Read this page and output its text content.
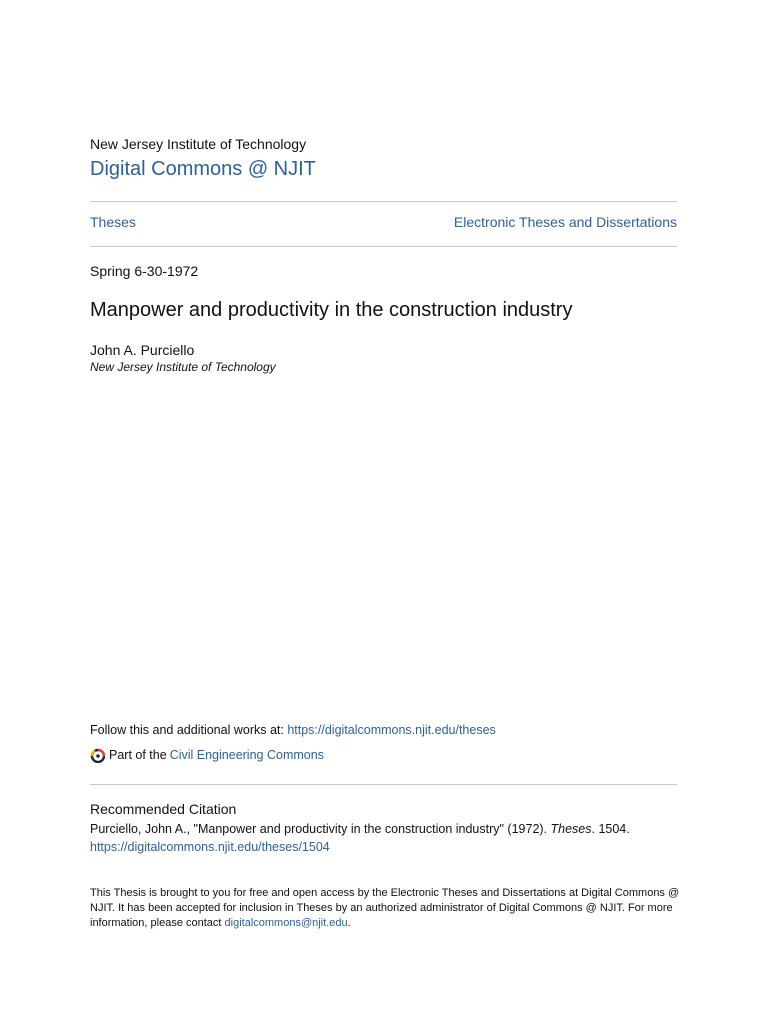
New Jersey Institute of Technology
Digital Commons @ NJIT
Theses	Electronic Theses and Dissertations
Spring 6-30-1972
Manpower and productivity in the construction industry
John A. Purciello
New Jersey Institute of Technology
Follow this and additional works at: https://digitalcommons.njit.edu/theses
Part of the Civil Engineering Commons
Recommended Citation
Purciello, John A., "Manpower and productivity in the construction industry" (1972). Theses. 1504.
https://digitalcommons.njit.edu/theses/1504
This Thesis is brought to you for free and open access by the Electronic Theses and Dissertations at Digital Commons @ NJIT. It has been accepted for inclusion in Theses by an authorized administrator of Digital Commons @ NJIT. For more information, please contact digitalcommons@njit.edu.
